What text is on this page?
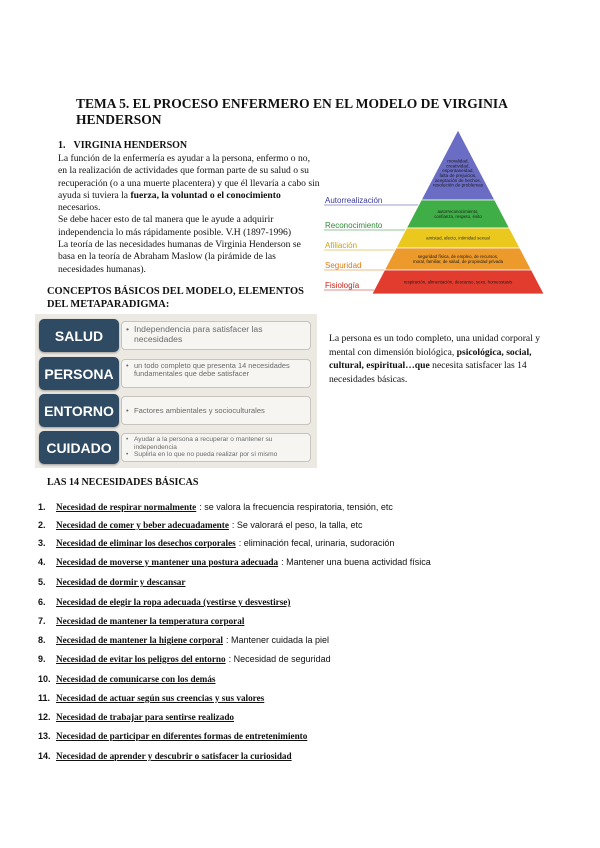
TEMA 5. EL PROCESO ENFERMERO EN EL MODELO DE VIRGINIA HENDERSON
1. VIRGINIA HENDERSON

La función de la enfermería es ayudar a la persona, enfermo o no, en la realización de actividades que forman parte de su salud o su recuperación (o a una muerte placentera) y que él llevaría a cabo sin ayuda si tuviera la fuerza, la voluntad o el conocimiento necesarios.

Se debe hacer esto de tal manera que le ayude a adquirir independencia lo más rápidamente posible. V.H (1897-1996)

La teoría de las necesidades humanas de Virginia Henderson se basa en la teoría de Abraham Maslow (la pirámide de las necesidades humanas).

moralidad,
creatividad,
espontaneidad,
falta de prejuicios,
aceptación de hechos,
resolución de problemas
Autorrealización
autorreconocimiento,
confianza, respeto, éxito
Reconocimiento
amistad, afecto, intimidad sexual
Afiliación
seguridad física, de empleo, de recursos,
moral, familiar, de salud, de propiedad privada
Seguridad
respiración, alimentación, descanso, sexo, homeostasis
Fisiología
CONCEPTOS BÁSICOS DEL MODELO, ELEMENTOS DEL METAPARADIGMA:
SALUD	• Independencia para satisfacer las necesidades
PERSONA	• un todo completo que presenta 14 necesidades fundamentales que debe satisfacer
ENTORNO	• Factores ambientales y socioculturales
CUIDADO	• Ayudar a la persona a recuperar o mantener su independencia
• Suplirla en lo que no pueda realizar por sí mismo
La persona es un todo completo, una unidad corporal y mental con dimensión biológica, psicológica, social, cultural, espiritual…que necesita satisfacer las 14 necesidades básicas.
LAS 14 NECESIDADES BÁSICAS
1. Necesidad de respirar normalmente : se valora la frecuencia respiratoria, tensión, etc
2. Necesidad de comer y beber adecuadamente : Se valorará el peso, la talla, etc
3. Necesidad de eliminar los desechos corporales : eliminación fecal, urinaria, sudoración
4. Necesidad de moverse y mantener una postura adecuada : Mantener una buena actividad física
5. Necesidad de dormir y descansar
6. Necesidad de elegir la ropa adecuada (vestirse y desvestirse)
7. Necesidad de mantener la temperatura corporal
8. Necesidad de mantener la higiene corporal : Mantener cuidada la piel
9. Necesidad de evitar los peligros del entorno : Necesidad de seguridad
10. Necesidad de comunicarse con los demás
11. Necesidad de actuar según sus creencias y sus valores
12. Necesidad de trabajar para sentirse realizado
13. Necesidad de participar en diferentes formas de entretenimiento
14. Necesidad de aprender y descubrir o satisfacer la curiosidad
